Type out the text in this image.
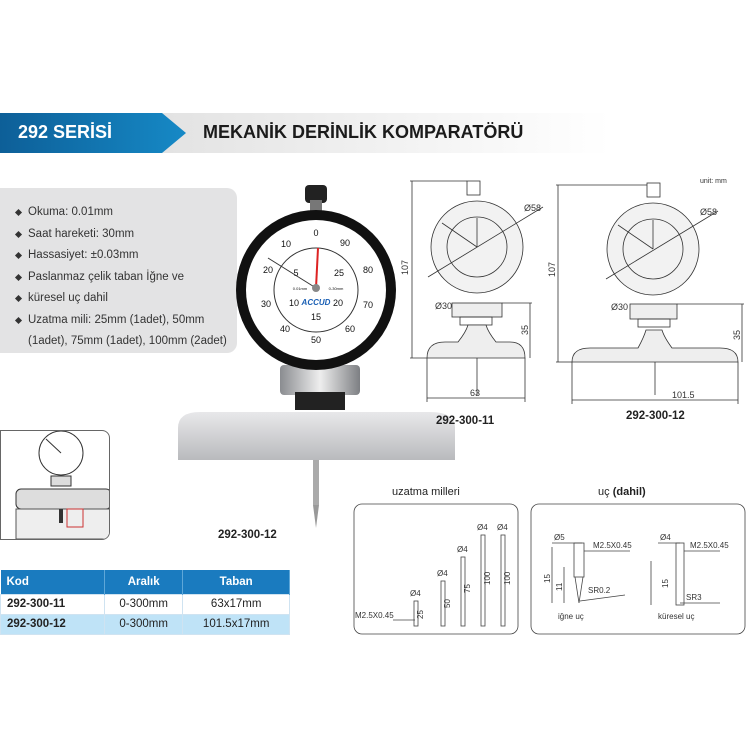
292 SERİSİ	MEKANİK DERİNLİK KOMPARATÖRÜ
Okuma: 0.01mm
Saat hareketi: 30mm
Hassasiyet: ±0.03mm
Paslanmaz çelik taban İğne ve
küresel uç dahil
Uzatma mili: 25mm (1adet), 50mm
(1adet), 75mm (1adet), 100mm (2adet)
0
90
80
70
60
50
40
30
20
10
25
20
15
10
5
0.01mm	0-30mm
ACCUD
292-300-12
Kod	Aralık	Taban
292-300-11	0-300mm	63x17mm
292-300-12	0-300mm	101.5x17mm
unit: mm
Ø58
Ø30
107
35
63
Ø58
Ø30
107
35
101.5
292-300-11	292-300-12
uzatma milleri
M2.5X0.45
Ø4
25
Ø4
50
Ø4
75
Ø4
100
Ø4
100
uç (dahil)
Ø5
M2.5X0.45
15
11	SR0.2
iğne uç
Ø4
M2.5X0.45
15
SR3
küresel uç
